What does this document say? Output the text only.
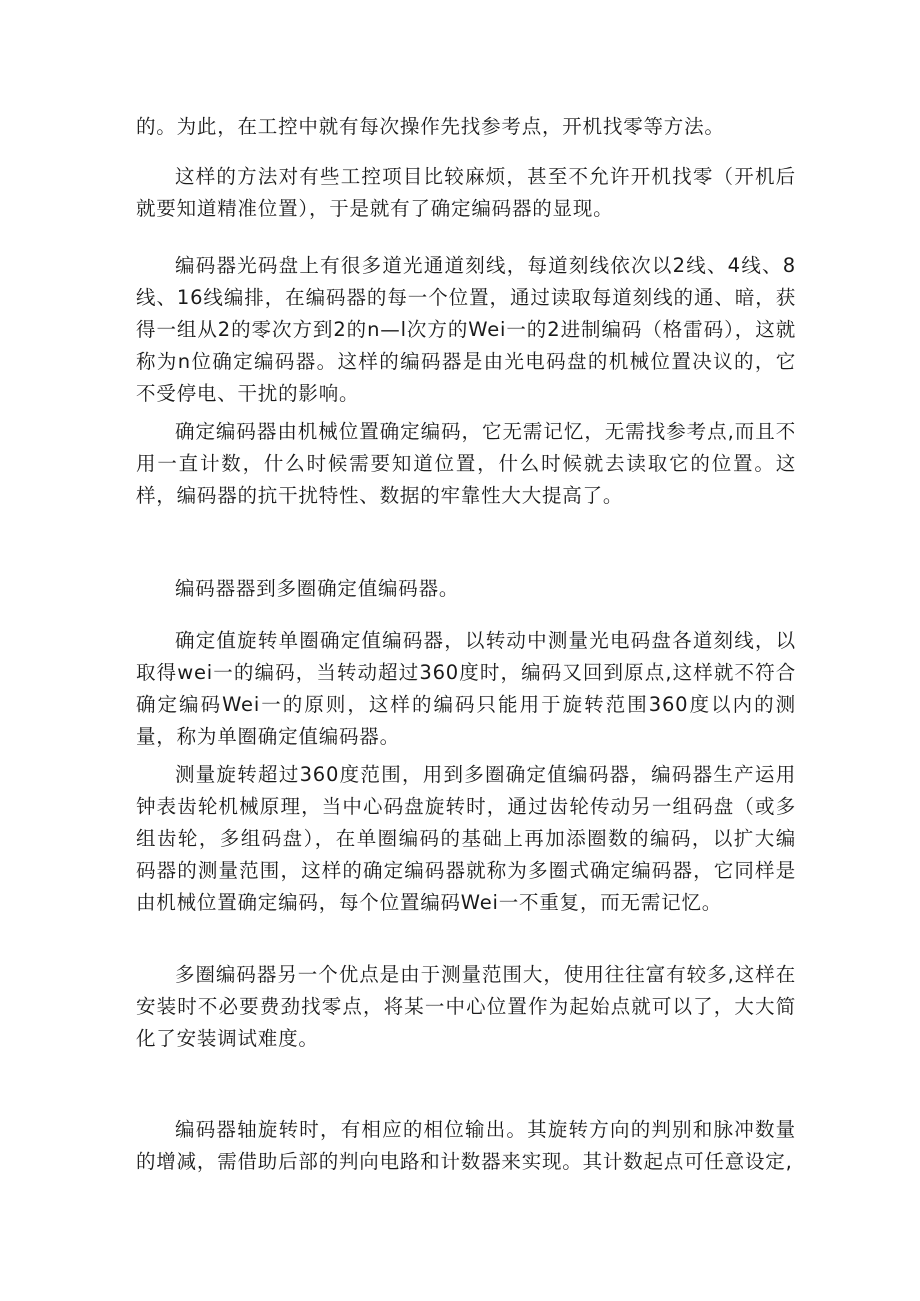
的。为此，在工控中就有每次操作先找参考点，开机找零等方法。

这样的方法对有些工控项目比较麻烦，甚至不允许开机找零（开机后就要知道精准位置），于是就有了确定编码器的显现。

编码器光码盘上有很多道光通道刻线，每道刻线依次以2线、4线、8线、16线编排，在编码器的每一个位置，通过读取每道刻线的通、暗，获得一组从2的零次方到2的n—l次方的Wei一的2进制编码（格雷码），这就称为n位确定编码器。这样的编码器是由光电码盘的机械位置决议的，它不受停电、干扰的影响。

确定编码器由机械位置确定编码，它无需记忆，无需找参考点,而且不用一直计数，什么时候需要知道位置，什么时候就去读取它的位置。这样，编码器的抗干扰特性、数据的牢靠性大大提高了。

编码器器到多圈确定值编码器。

确定值旋转单圈确定值编码器，以转动中测量光电码盘各道刻线，以取得wei一的编码，当转动超过360度时，编码又回到原点,这样就不符合确定编码Wei一的原则，这样的编码只能用于旋转范围360度以内的测量，称为单圈确定值编码器。

测量旋转超过360度范围，用到多圈确定值编码器，编码器生产运用钟表齿轮机械原理，当中心码盘旋转时，通过齿轮传动另一组码盘（或多组齿轮，多组码盘），在单圈编码的基础上再加添圈数的编码，以扩大编码器的测量范围，这样的确定编码器就称为多圈式确定编码器，它同样是由机械位置确定编码，每个位置编码Wei一不重复，而无需记忆。

多圈编码器另一个优点是由于测量范围大，使用往往富有较多,这样在安装时不必要费劲找零点，将某一中心位置作为起始点就可以了，大大简化了安装调试难度。

编码器轴旋转时，有相应的相位输出。其旋转方向的判别和脉冲数量的增减，需借助后部的判向电路和计数器来实现。其计数起点可任意设定,
